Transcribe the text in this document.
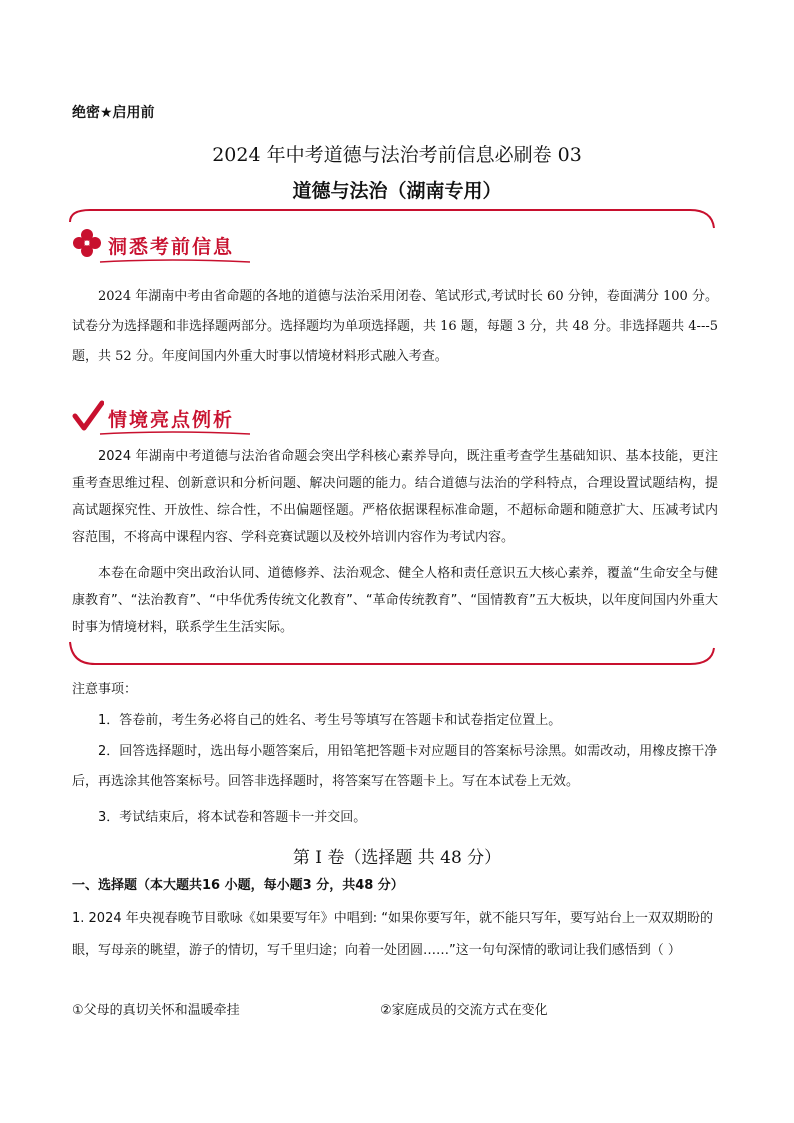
绝密★启用前
2024 年中考道德与法治考前信息必刷卷 03
道德与法治（湖南专用）
洞悉考前信息
2024 年湖南中考由省命题的各地的道德与法治采用闭卷、笔试形式,考试时长 60 分钟，卷面满分 100 分。试卷分为选择题和非选择题两部分。选择题均为单项选择题，共 16 题，每题 3 分，共 48 分。非选择题共 4---5 题，共 52 分。年度间国内外重大时事以情境材料形式融入考查。
情境亮点例析
2024 年湖南中考道德与法治省命题会突出学科核心素养导向，既注重考查学生基础知识、基本技能，更注重考查思维过程、创新意识和分析问题、解决问题的能力。结合道德与法治的学科特点，合理设置试题结构，提高试题探究性、开放性、综合性，不出偏题怪题。严格依据课程标准命题，不超标命题和随意扩大、压减考试内容范围，不将高中课程内容、学科竞赛试题以及校外培训内容作为考试内容。
本卷在命题中突出政治认同、道德修养、法治观念、健全人格和责任意识五大核心素养，覆盖“生命安全与健康教育”、“法治教育”、“中华优秀传统文化教育”、“革命传统教育”、“国情教育”五大板块，以年度间国内外重大时事为情境材料，联系学生生活实际。
注意事项：
1．答卷前，考生务必将自己的姓名、考生号等填写在答题卡和试卷指定位置上。
2．回答选择题时，选出每小题答案后，用铅笔把答题卡对应题目的答案标号涂黑。如需改动，用橡皮擦干净后，再选涂其他答案标号。回答非选择题时，将答案写在答题卡上。写在本试卷上无效。
3．考试结束后，将本试卷和答题卡一并交回。
第 I 卷（选择题 共 48 分）
一、选择题（本大题共16 小题，每小题3 分，共48 分）
1. 2024 年央视春晚节目歌咏《如果要写年》中唱到: “如果你要写年，就不能只写年，要写站台上一双双期盼的眼，写母亲的眺望，游子的情切，写千里归途；向着一处团圆……”这一句句深情的歌词让我们感悟到（ ）
①父母的真切关怀和温暖牵挂	②家庭成员的交流方式在变化
